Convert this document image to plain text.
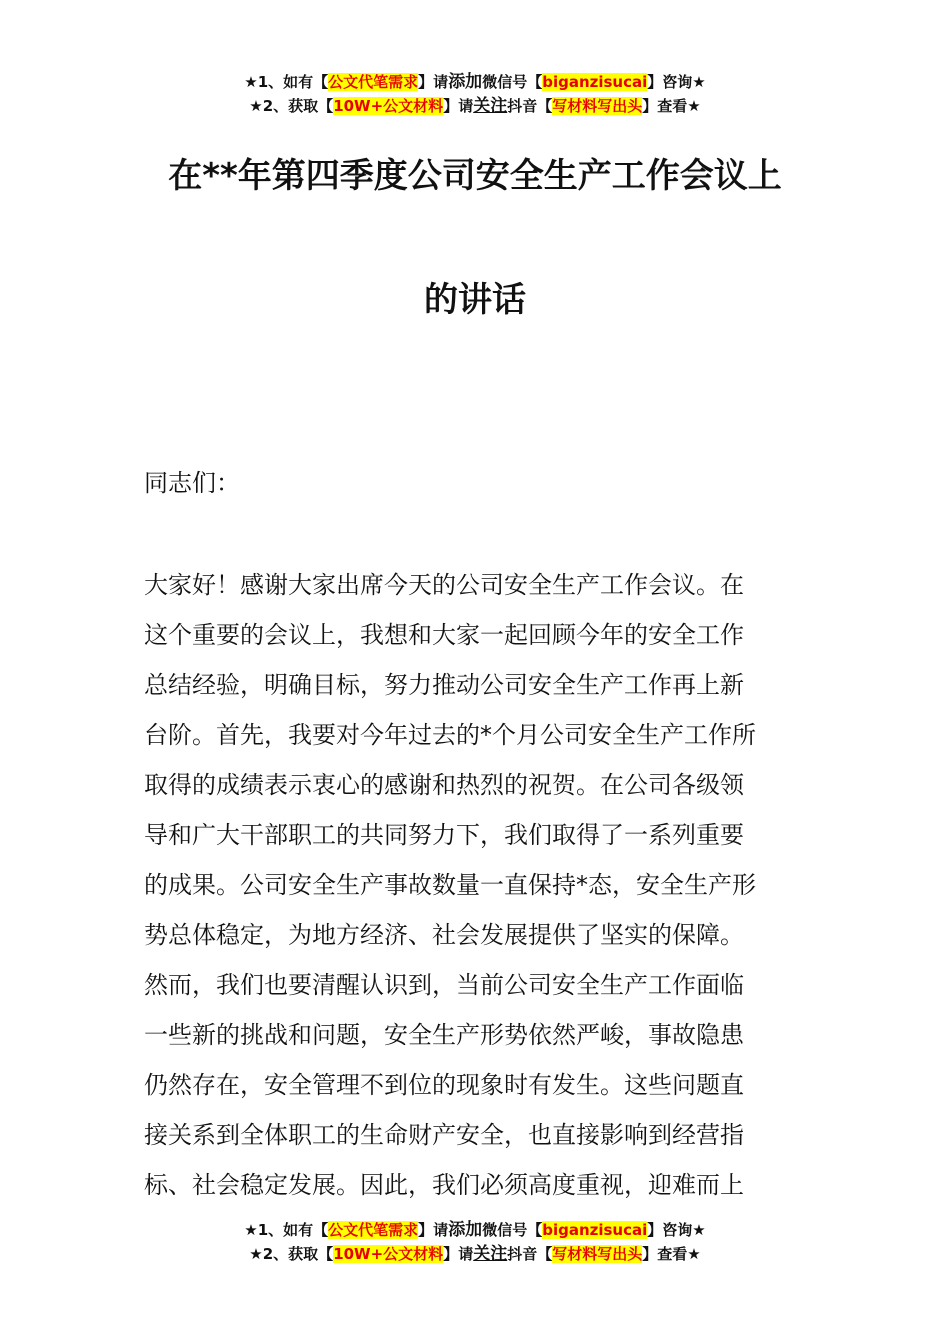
★1、如有【公文代笔需求】请添加微信号【biganzisucai】咨询★
★2、获取【10W+公文材料】请关注抖音【写材料写出头】查看★
在**年第四季度公司安全生产工作会议上
的讲话
同志们：

大家好！感谢大家出席今天的公司安全生产工作会议。在
这个重要的会议上，我想和大家一起回顾今年的安全工作
总结经验，明确目标，努力推动公司安全生产工作再上新
台阶。首先，我要对今年过去的*个月公司安全生产工作所
取得的成绩表示衷心的感谢和热烈的祝贺。在公司各级领
导和广大干部职工的共同努力下，我们取得了一系列重要
的成果。公司安全生产事故数量一直保持*态，安全生产形
势总体稳定，为地方经济、社会发展提供了坚实的保障。
然而，我们也要清醒认识到，当前公司安全生产工作面临
一些新的挑战和问题，安全生产形势依然严峻，事故隐患
仍然存在，安全管理不到位的现象时有发生。这些问题直
接关系到全体职工的生命财产安全，也直接影响到经营指
标、社会稳定发展。因此，我们必须高度重视，迎难而上

★1、如有【公文代笔需求】请添加微信号【biganzisucai】咨询★
★2、获取【10W+公文材料】请关注抖音【写材料写出头】查看★
